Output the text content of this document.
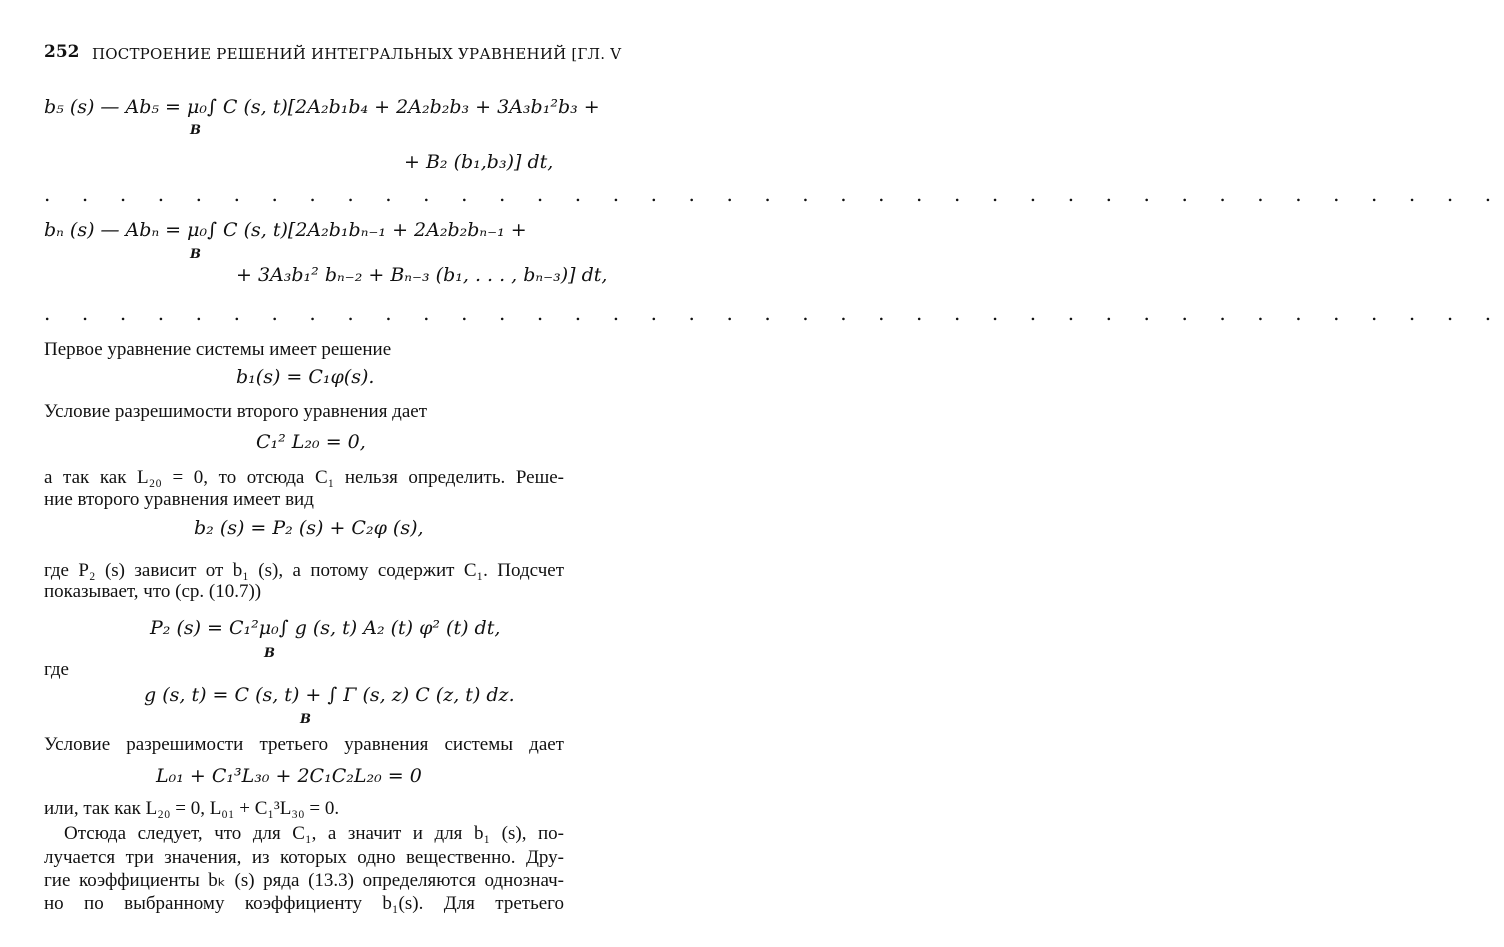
252 ПОСТРОЕНИЕ РЕШЕНИЙ ИНТЕГРАЛЬНЫХ УРАВНЕНИЙ [ГЛ. V
b₅ (s) — Ab₅ = μ₀∫ C (s, t)[2A₂b₁b₄ + 2A₂b₂b₃ + 3A₃b₁²b₃ +
B
+ B₂ (b₁,b₃)] dt,
. . . . . . . . . . . . . . . . . . . . . . . . . . . . . . . . . . . . . . .
bₙ (s) — Abₙ = μ₀∫ C (s, t)[2A₂b₁bₙ₋₁ + 2A₂b₂bₙ₋₁ +
B
+ 3A₃b₁² bₙ₋₂ + Bₙ₋₃ (b₁, . . . , bₙ₋₃)] dt,
. . . . . . . . . . . . . . . . . . . . . . . . . . . . . . . . . . . . . . .
Первое уравнение системы имеет решение
b₁(s) = C₁φ(s).
Условие разрешимости второго уравнения дает
C₁² L₂₀ = 0,
а так как L₂₀ = 0, то отсюда C₁ нельзя определить. Реше-
ние второго уравнения имеет вид
b₂ (s) = P₂ (s) + C₂φ (s),
где P₂ (s) зависит от b₁ (s), а потому содержит C₁. Подсчет
показывает, что (ср. (10.7))
P₂ (s) = C₁²μ₀∫ g (s, t) A₂ (t) φ² (t) dt,
B
где
g (s, t) = C (s, t) + ∫ Γ (s, z) C (z, t) dz.
B
Условие разрешимости третьего уравнения системы дает
L₀₁ + C₁³L₃₀ + 2C₁C₂L₂₀ = 0
или, так как L₂₀ = 0, L₀₁ + C₁³L₃₀ = 0.
Отсюда следует, что для C₁, а значит и для b₁ (s), по-
лучается три значения, из которых одно вещественно. Дру-
гие коэффициенты bₖ (s) ряда (13.3) определяются однознач-
но по выбранному коэффициенту b₁(s). Для третьего
